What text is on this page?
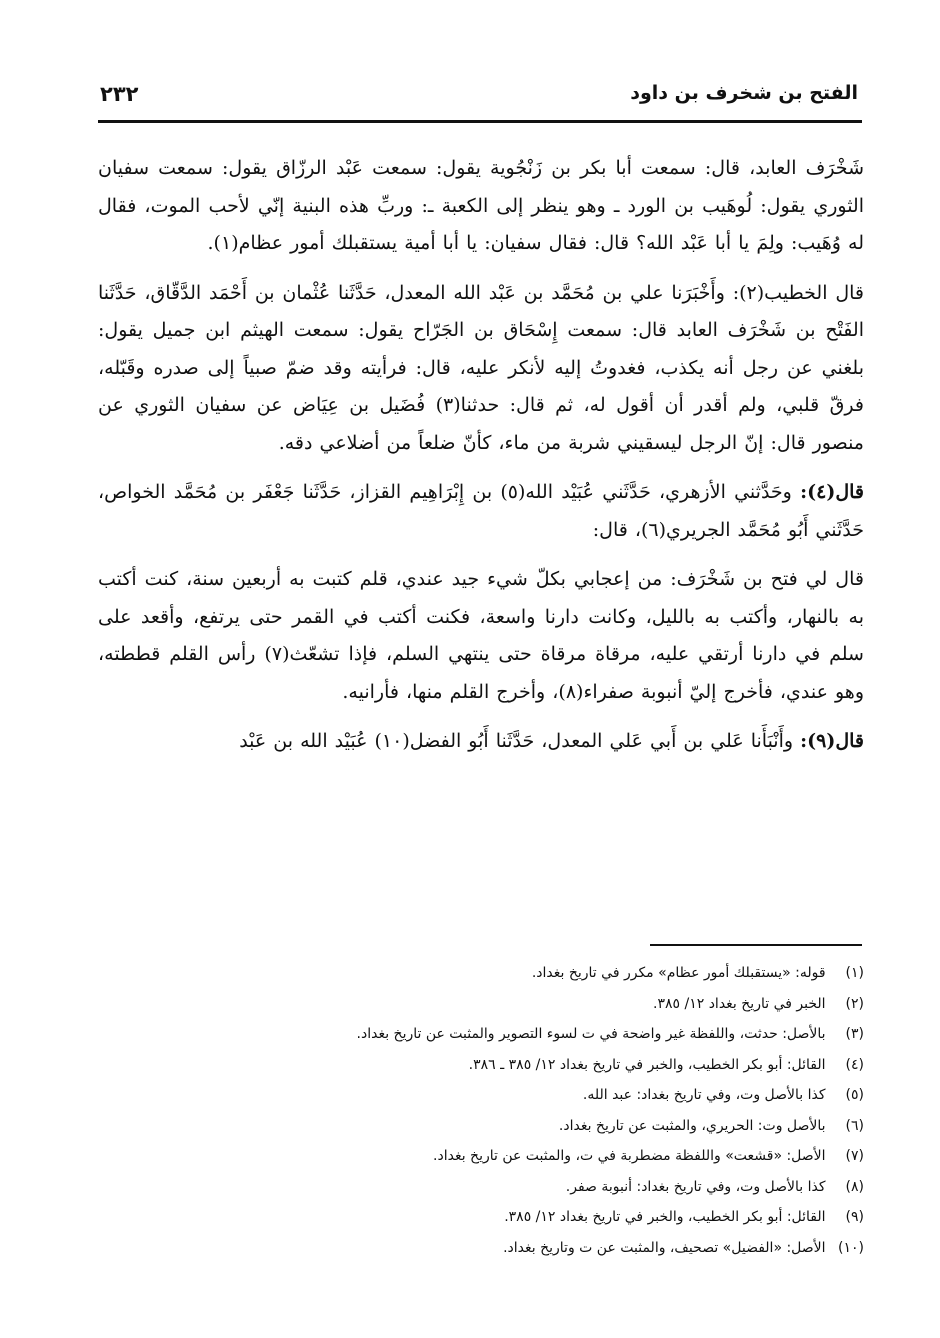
الفتح بن شخرف بن داود
٢٣٢

شَخْرَف العابد، قال: سمعت أبا بكر بن زَنْجُوية يقول: سمعت عَبْد الرزّاق يقول: سمعت سفيان الثوري يقول: لُوهَيب بن الورد ـ وهو ينظر إلى الكعبة ـ: وربِّ هذه البنية إنّي لأحب الموت، فقال له وُهَيب: ولِمَ يا أبا عَبْد الله؟ قال: فقال سفيان: يا أبا أمية يستقبلك أمور عظام(١).

قال الخطيب(٢): وأَخْبَرَنا علي بن مُحَمَّد بن عَبْد الله المعدل، حَدَّثَنا عُثْمان بن أَحْمَد الدَّقّاق، حَدَّثَنا الفَتْح بن شَخْرَف العابد قال: سمعت إِسْحَاق بن الجَرّاح يقول: سمعت الهيثم ابن جميل يقول: بلغني عن رجل أنه يكذب، فغدوتُ إليه لأنكر عليه، قال: فرأيته وقد ضمّ صبياً إلى صدره وقَبّله، فرقّ قلبي، ولم أقدر أن أقول له، ثم قال: حدثنا(٣) فُضَيل بن عِيَاض عن سفيان الثوري عن منصور قال: إنّ الرجل ليسقيني شربة من ماء، كأنّ ضلعاً من أضلاعي دقه.

قال(٤): وحَدَّثني الأزهري، حَدَّثَني عُبَيْد الله(٥) بن إِبْرَاهِيم القزاز، حَدَّثَنا جَعْفَر بن مُحَمَّد الخواص، حَدَّثَني أَبُو مُحَمَّد الجريري(٦)، قال:

قال لي فتح بن شَخْرَف: من إعجابي بكلّ شيء جيد عندي، قلم كتبت به أربعين سنة، كنت أكتب به بالنهار، وأكتب به بالليل، وكانت دارنا واسعة، فكنت أكتب في القمر حتى يرتفع، وأقعد على سلم في دارنا أرتقي عليه، مرقاة مرقاة حتى ينتهي السلم، فإذا تشعّث(٧) رأس القلم قططته، وهو عندي، فأخرج إليّ أنبوبة صفراء(٨)، وأخرج القلم منها، فأرانيه.

قال(٩): وأَنْبَأَنا عَلي بن أَبي عَلي المعدل، حَدَّثَنا أَبُو الفضل(١٠) عُبَيْد الله بن عَبْد

(١) قوله: «يستقبلك أمور عظام» مكرر في تاريخ بغداد.
(٢) الخبر في تاريخ بغداد ١٢/ ٣٨٥.
(٣) بالأصل: حدثت، واللفظة غير واضحة في ت لسوء التصوير والمثبت عن تاريخ بغداد.
(٤) القائل: أبو بكر الخطيب، والخبر في تاريخ بغداد ١٢/ ٣٨٥ ـ ٣٨٦.
(٥) كذا بالأصل وت، وفي تاريخ بغداد: عبد الله.
(٦) بالأصل وت: الحريري، والمثبت عن تاريخ بغداد.
(٧) الأصل: «قشعت» واللفظة مضطربة في ت، والمثبت عن تاريخ بغداد.
(٨) كذا بالأصل وت، وفي تاريخ بغداد: أنبوبة صفر.
(٩) القائل: أبو بكر الخطيب، والخبر في تاريخ بغداد ١٢/ ٣٨٥.
(١٠) الأصل: «الفضيل» تصحيف، والمثبت عن ت وتاريخ بغداد.
